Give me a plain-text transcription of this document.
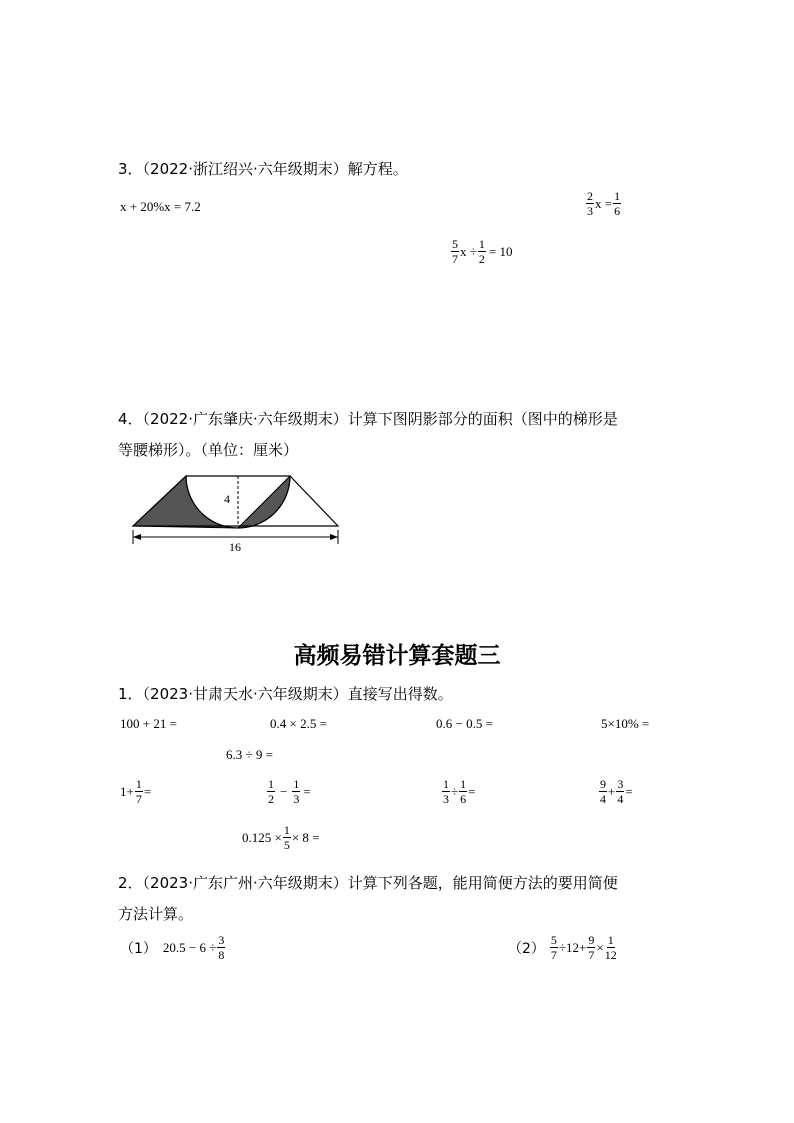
3．（2022·浙江绍兴·六年级期末）解方程。
x + 20%x = 7.2	$\frac{2}{3}$ $x = \frac{1}{6}$
$\frac{5}{7}$ $x \div \frac{1}{2} = 10$
4．（2022·广东肇庆·六年级期末）计算下图阴影部分的面积（图中的梯形是
等腰梯形）。（单位：厘米）
4
16
高频易错计算套题三
1．（2023·甘肃天水·六年级期末）直接写出得数。
100 + 21 =	0.4 × 2.5 =	0.6 − 0.5 =	5×10% =
6.3 ÷ 9 =
$1+ \frac{1}{7}$ =	$\frac{1}{2} - \frac{1}{3}$ =	$\frac{1}{3} \div \frac{1}{6}$ =	$\frac{9}{4} + \frac{3}{4}$ =
$0.125 \times \frac{1}{5} \times 8$ =
2．（2023·广东广州·六年级期末）计算下列各题，能用简便方法的要用简便
方法计算。
（1） $20.5 - 6 \div \frac{3}{8}$	$(2) \frac{5}{7} \div 12+ \frac{9}{7} \times \frac{1}{12}$
